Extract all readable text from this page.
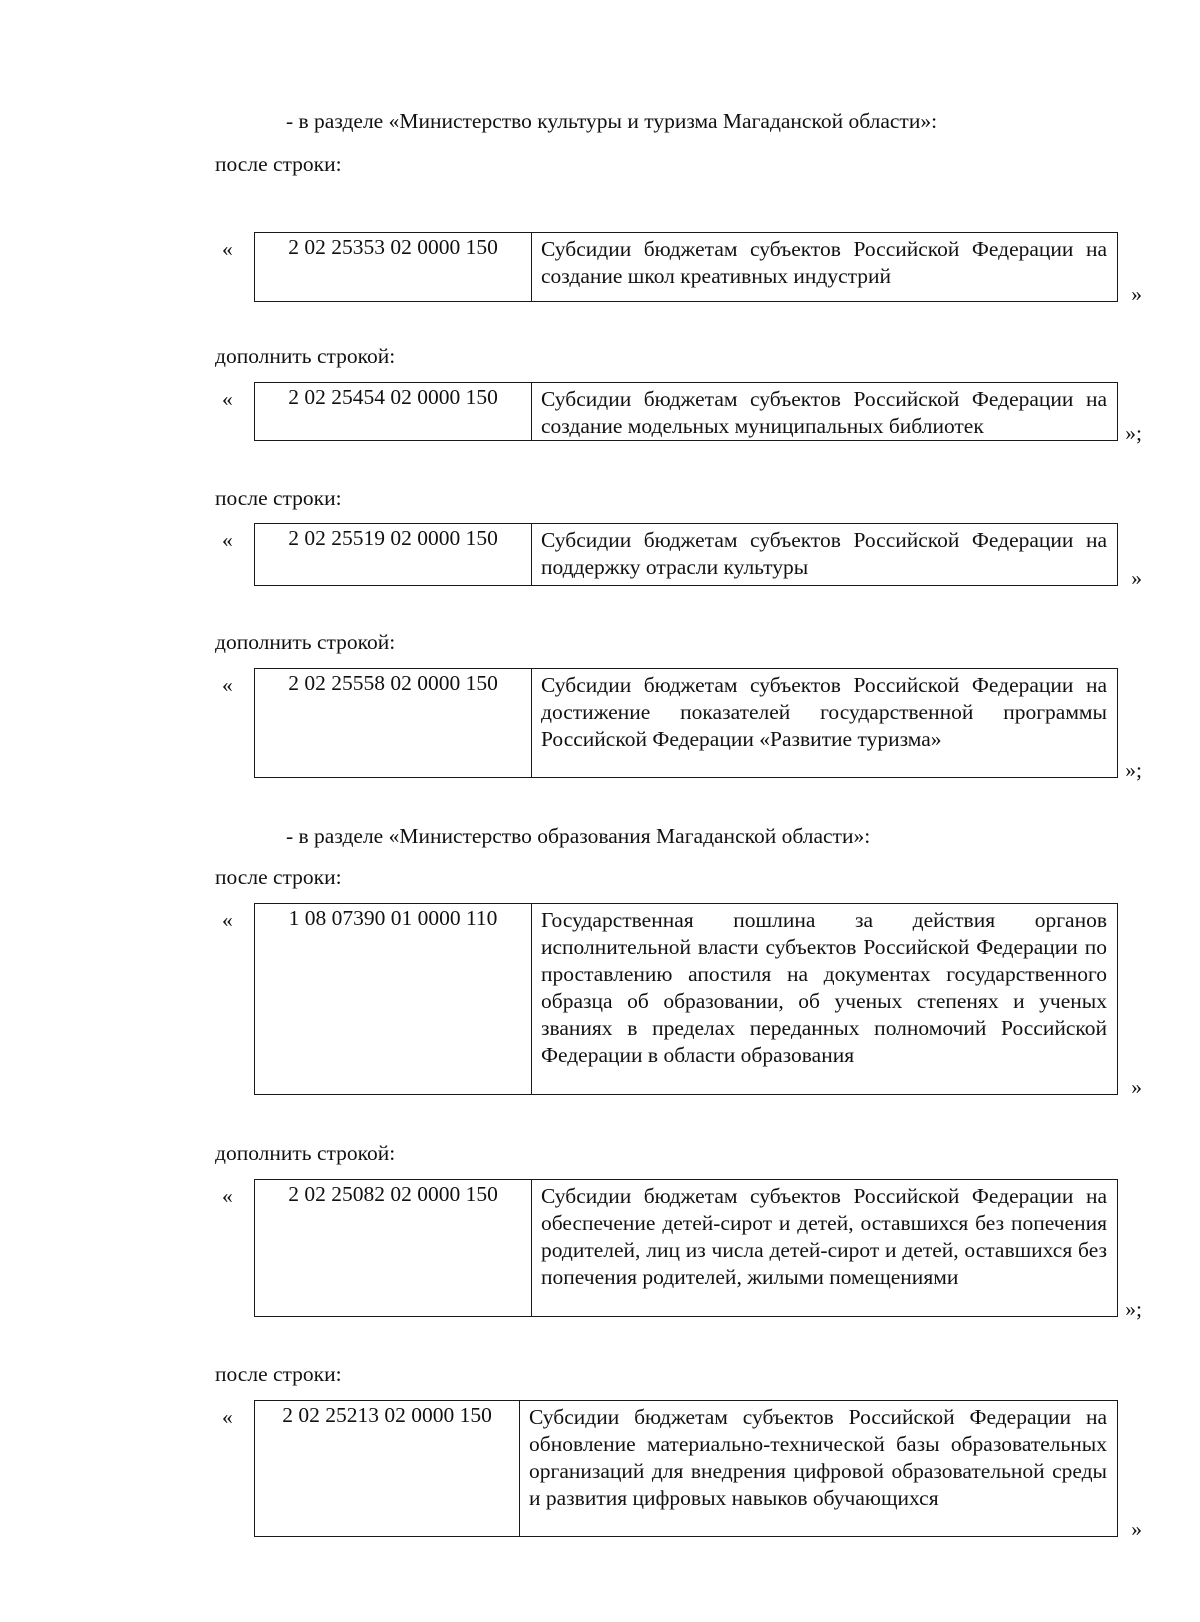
- в разделе «Министерство культуры и туризма Магаданской области»:
после строки:
«	2 02 25353 02 0000 150	Субсидии бюджетам субъектов Российской Федерации на создание школ креативных индустрий
»
дополнить строкой:
«	2 02 25454 02 0000 150	Субсидии бюджетам субъектов Российской Федерации на создание модельных муниципальных библиотек	»;
после строки:
«	2 02 25519 02 0000 150	Субсидии бюджетам субъектов Российской Федерации на поддержку отрасли культуры	»
дополнить строкой:
«	2 02 25558 02 0000 150	Субсидии бюджетам субъектов Российской Федерации на достижение показателей государственной программы Российской Федерации «Развитие туризма»
»;
- в разделе «Министерство образования Магаданской области»:
после строки:
«	1 08 07390 01 0000 110	Государственная пошлина за действия органов исполнительной власти субъектов Российской Федерации по проставлению апостиля на документах государственного образца об образовании, об ученых степенях и ученых званиях в пределах переданных полномочий Российской Федерации в области образования
»
дополнить строкой:
«	2 02 25082 02 0000 150	Субсидии бюджетам субъектов Российской Федерации на обеспечение детей-сирот и детей, оставшихся без попечения родителей, лиц из числа детей-сирот и детей, оставшихся без попечения родителей, жилыми помещениями
»;
после строки:
«	2 02 25213 02 0000 150	Субсидии бюджетам субъектов Российской Федерации на обновление материально-технической базы образовательных организаций для внедрения цифровой образовательной среды и развития цифровых навыков обучающихся
»
